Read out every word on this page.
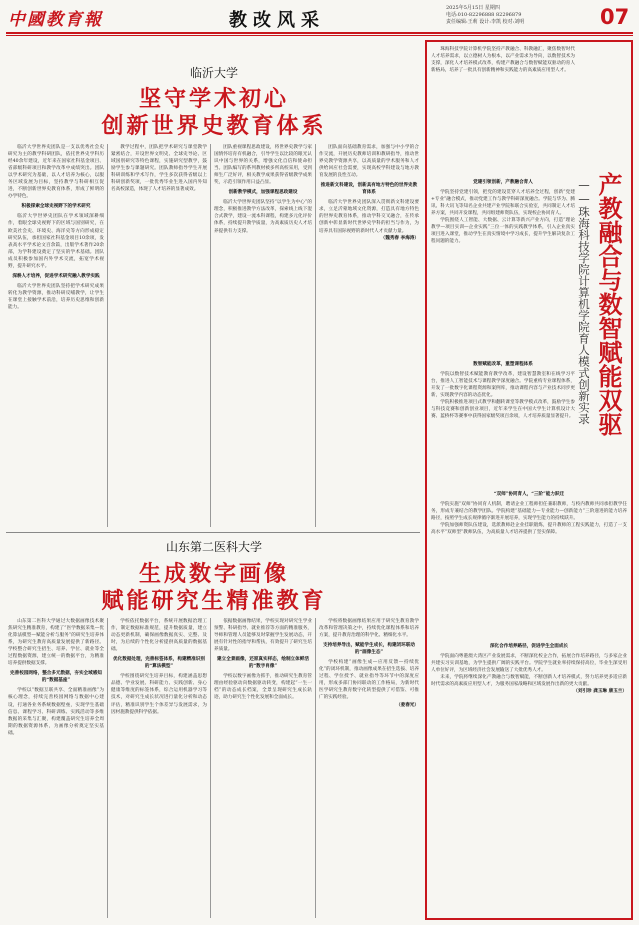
中國教育報	教改风采
2025年5月15日 星期四
电话:010-82296888 82296879
责任编辑:王莉 设计:李凯 校对:刘明	07
临沂大学
坚守学术初心
创新世界史教育体系

临沂大学世界史团队是一支以优秀社会史研究为主的教学科研团队，依托世界史学科历经40余年建设，近年来在国家社科基金项目、省部级科研项目和教学改革中成绩突出。团队以学术研究为基础，以人才培养为核心，以服务区域发展为目标，坚持教学与科研相互促进，不断创新世界史教育体系，形成了鲜明的办学特色。

积极探索全球史视野下的学术研究

临沂大学世界史团队在学术领域深耕细作，着眼全球史视野下的区域与国别研究，在欧美社会史、环境史、海洋史等方向形成稳定研究队伍，承担国家社科基金项目10余项，发表高水平学术论文百余篇，出版学术著作20余部，为学科建设奠定了坚实的学术基础。团队成员积极参加国内外学术交流，拓宽学术视野，提升研究水平。

深耕人才培养，促进学术研究融入教学实践

临沂大学世界史团队坚持把学术研究成果转化为教学资源，推动科研反哺教学，让学生在课堂上接触学术前沿，培养历史思维和创新能力。

教学过程中，团队把学术研究与课堂教学紧密结合，开设世界文明史、全球史导论、区域国别研究等特色课程，实施研究型教学，鼓励学生参与课题研究。团队教师指导学生开展科研训练和学术写作，学生多次获得省级以上科研创新奖项，一批优秀毕业生进入国内外知名高校深造，体现了人才培养的显著成效。

团队重视课程思政建设，将世界史教学与家国情怀培育有机融合，引导学生以比较的眼光认识中国与世界的关系，增强文化自信和使命担当。团队编写的系列教材被多所高校采用，受到师生广泛好评，相关教学成果获得省级教学成果奖，示范引领作用日益凸显。

创新教学模式，加强课程思政建设

临沂大学世界史团队坚持“以学生为中心”的理念，积极推进教学方法改革，探索线上线下混合式教学，建设一流本科课程，构建多元化评价体系，持续提升教学质量，为高素质历史人才培养提供有力支撑。

团队面向基础教育需求，加强与中小学的合作交流，开展历史教师培训和教研指导，推动世界史教学资源共享，以高质量的学术服务和人才供给回应社会需要，实现高校学科建设与地方教育发展的良性互动。

推进新文科建设，创新具有地方特色的世界史教育体系

临沂大学世界史团队深入贯彻新文科建设要求，立足沂蒙地域文化资源，打造具有地方特色的世界史教育体系，推动学科交叉融合，在传承创新中彰显新时代世界史学科的担当与作为，为培养具有国际视野的新时代人才贡献力量。

（魏秀春 李海涛）

山东第二医科大学
生成数字画像
赋能研究生精准教育

山东第二医科大学通过大数据画像技术聚焦研究生精准教育，构建了“医学数据采集—优化算法模型—赋能分析与服务”的研究生培养体系，为研究生教育高质量发展提供了新路径。学校整合研究生招生、培养、学位、就业等全过程数据资源，建立统一的数据平台，为精准培养提供数据支撑。

完善校园网络，整合多元数据，夯实全域感知的“数据基座”

学校以“数据互联共享、全面精准画像”为核心理念，持续完善校园网络与数据中心建设，打通各业务系统数据壁垒，实现学生基础信息、课程学习、科研训练、实践活动等多维数据的采集与汇聚，构建覆盖研究生培养全周期的数据资源体系，为画像分析奠定坚实基础。

学校依托数据平台，系统开展数据治理工作，制定数据标准规范，提升数据质量，建立动态更新机制，确保画像数据真实、完整、及时，为后续的个性化分析提供高质量的数据基础。

优化数据处理，完善标签体系，构建精准识别的“算法模型”

学校围绕研究生培养目标，构建涵盖思想品德、学业发展、科研能力、实践创新、身心健康等维度的标签体系，综合运用机器学习等技术，对研究生成长状况进行量化分析和动态评估，精准识别学生个体差异与发展需求，为因材施教提供科学依据。

依据数据画像结果，学校实现对研究生学业预警、科研指导、就业推荐等方面的精准服务，导师和管理人员能够及时掌握学生发展动态，开展有针对性的指导和帮扶，有效提升了研究生培养质量。

建立全景画像，还原真实样态，绘制立体鲜活的“数字肖像”

学校以数字画像为抓手，推动研究生教育管理由经验驱动向数据驱动转变，构建起“一生一档”的动态成长档案，全景呈现研究生成长轨迹，助力研究生个性化发展和全面成长。

学校将数据画像结果应用于研究生教育教学改革和管理决策之中，持续优化课程体系和培养方案，提升教育治理的科学化、精细化水平。

支持培养导出，赋能学生成长，构建闭环联动的“画像生态”

学校构建“画像生成—应用反馈—持续优化”的闭环机制，推动画像成果在招生选拔、培养过程、学位授予、就业指导等环节中的深度应用，形成多部门协同联动的工作格局，为新时代医学研究生教育数字化转型提供了可借鉴、可推广的实践经验。

（姜春光）

产教融合与数智赋能双驱
——珠海科技学院计算机学院育人模式创新实录

珠海科技学院计算机学院坚持产教融合、科教融汇，聚焦数智时代人才培养需求，以立德树人为根本，以产业需求为导向，以数智技术为支撑，深化人才培养模式改革，构建产教融合与数智赋能双驱动的育人新格局，培养了一批具有创新精神和实践能力的高素质应用型人才。

党建引领创新，产教融合育人

学院坚持党建引领，把党的建设贯穿人才培养全过程，创新“党建+专业”融合模式，推动党建工作与教学科研深度融合。学院与华为、腾讯、科大讯飞等知名企业共建产业学院和联合实验室，共同制定人才培养方案，共同开发课程，共同组建师资队伍，实现校企协同育人。

学院围绕人工智能、大数据、云计算等新兴产业方向，打造“理论教学—项目实训—企业实践”三位一体的实践教学体系，引入企业真实项目进入课堂，推动学生在真实情境中学习成长，提升学生解决复杂工程问题的能力。

数智赋能改革，重塑课程体系

学院以数智技术赋能教育教学改革，建设智慧教室和在线学习平台，推进人工智能技术与课程教学深度融合。学院重构专业课程体系，开发了一批数字化课程资源和案例库，推动课程内容与产业技术同步更新，实现教学内容的动态优化。

学院积极推进项目式教学和翻转课堂等教学模式改革，鼓励学生参与科技竞赛和创新创业项目，近年来学生在中国大学生计算机设计大赛、蓝桥杯等赛事中获得国家级奖项百余项，人才培养质量显著提升。

“双师”协同育人，“三阶”能力跃迁

学院实施“双师”协同育人机制，聘请企业工程师担任兼职教师，与校内教师共同承担教学任务，形成专兼结合的教学团队。学院构建“基础能力—专业能力—创新能力”三阶递进的能力培养路径，按照学生成长规律循序渐进开展培养，实现学生能力的持续跃升。

学院加强师资队伍建设，选派教师赴企业挂职锻炼，提升教师的工程实践能力，打造了一支高水平“双师型”教师队伍，为高质量人才培养提供了坚实保障。

深化合作培养路径，促进学生全面成长

学院面向粤港澳大湾区产业发展需求，不断深化校企合作，拓展合作培养路径，与多家企业共建实习实训基地，为学生提供广阔的实践平台。学院学生就业率持续保持高位，毕业生深受用人单位好评，为区域经济社会发展输送了大批优秀人才。

未来，学院将继续深化产教融合与数智赋能，不断创新人才培养模式，努力培养更多适应新时代需求的高素质应用型人才，为服务国家战略和区域发展作出新的更大贡献。

（刘引珍 龚玉琳 康玉兰）
